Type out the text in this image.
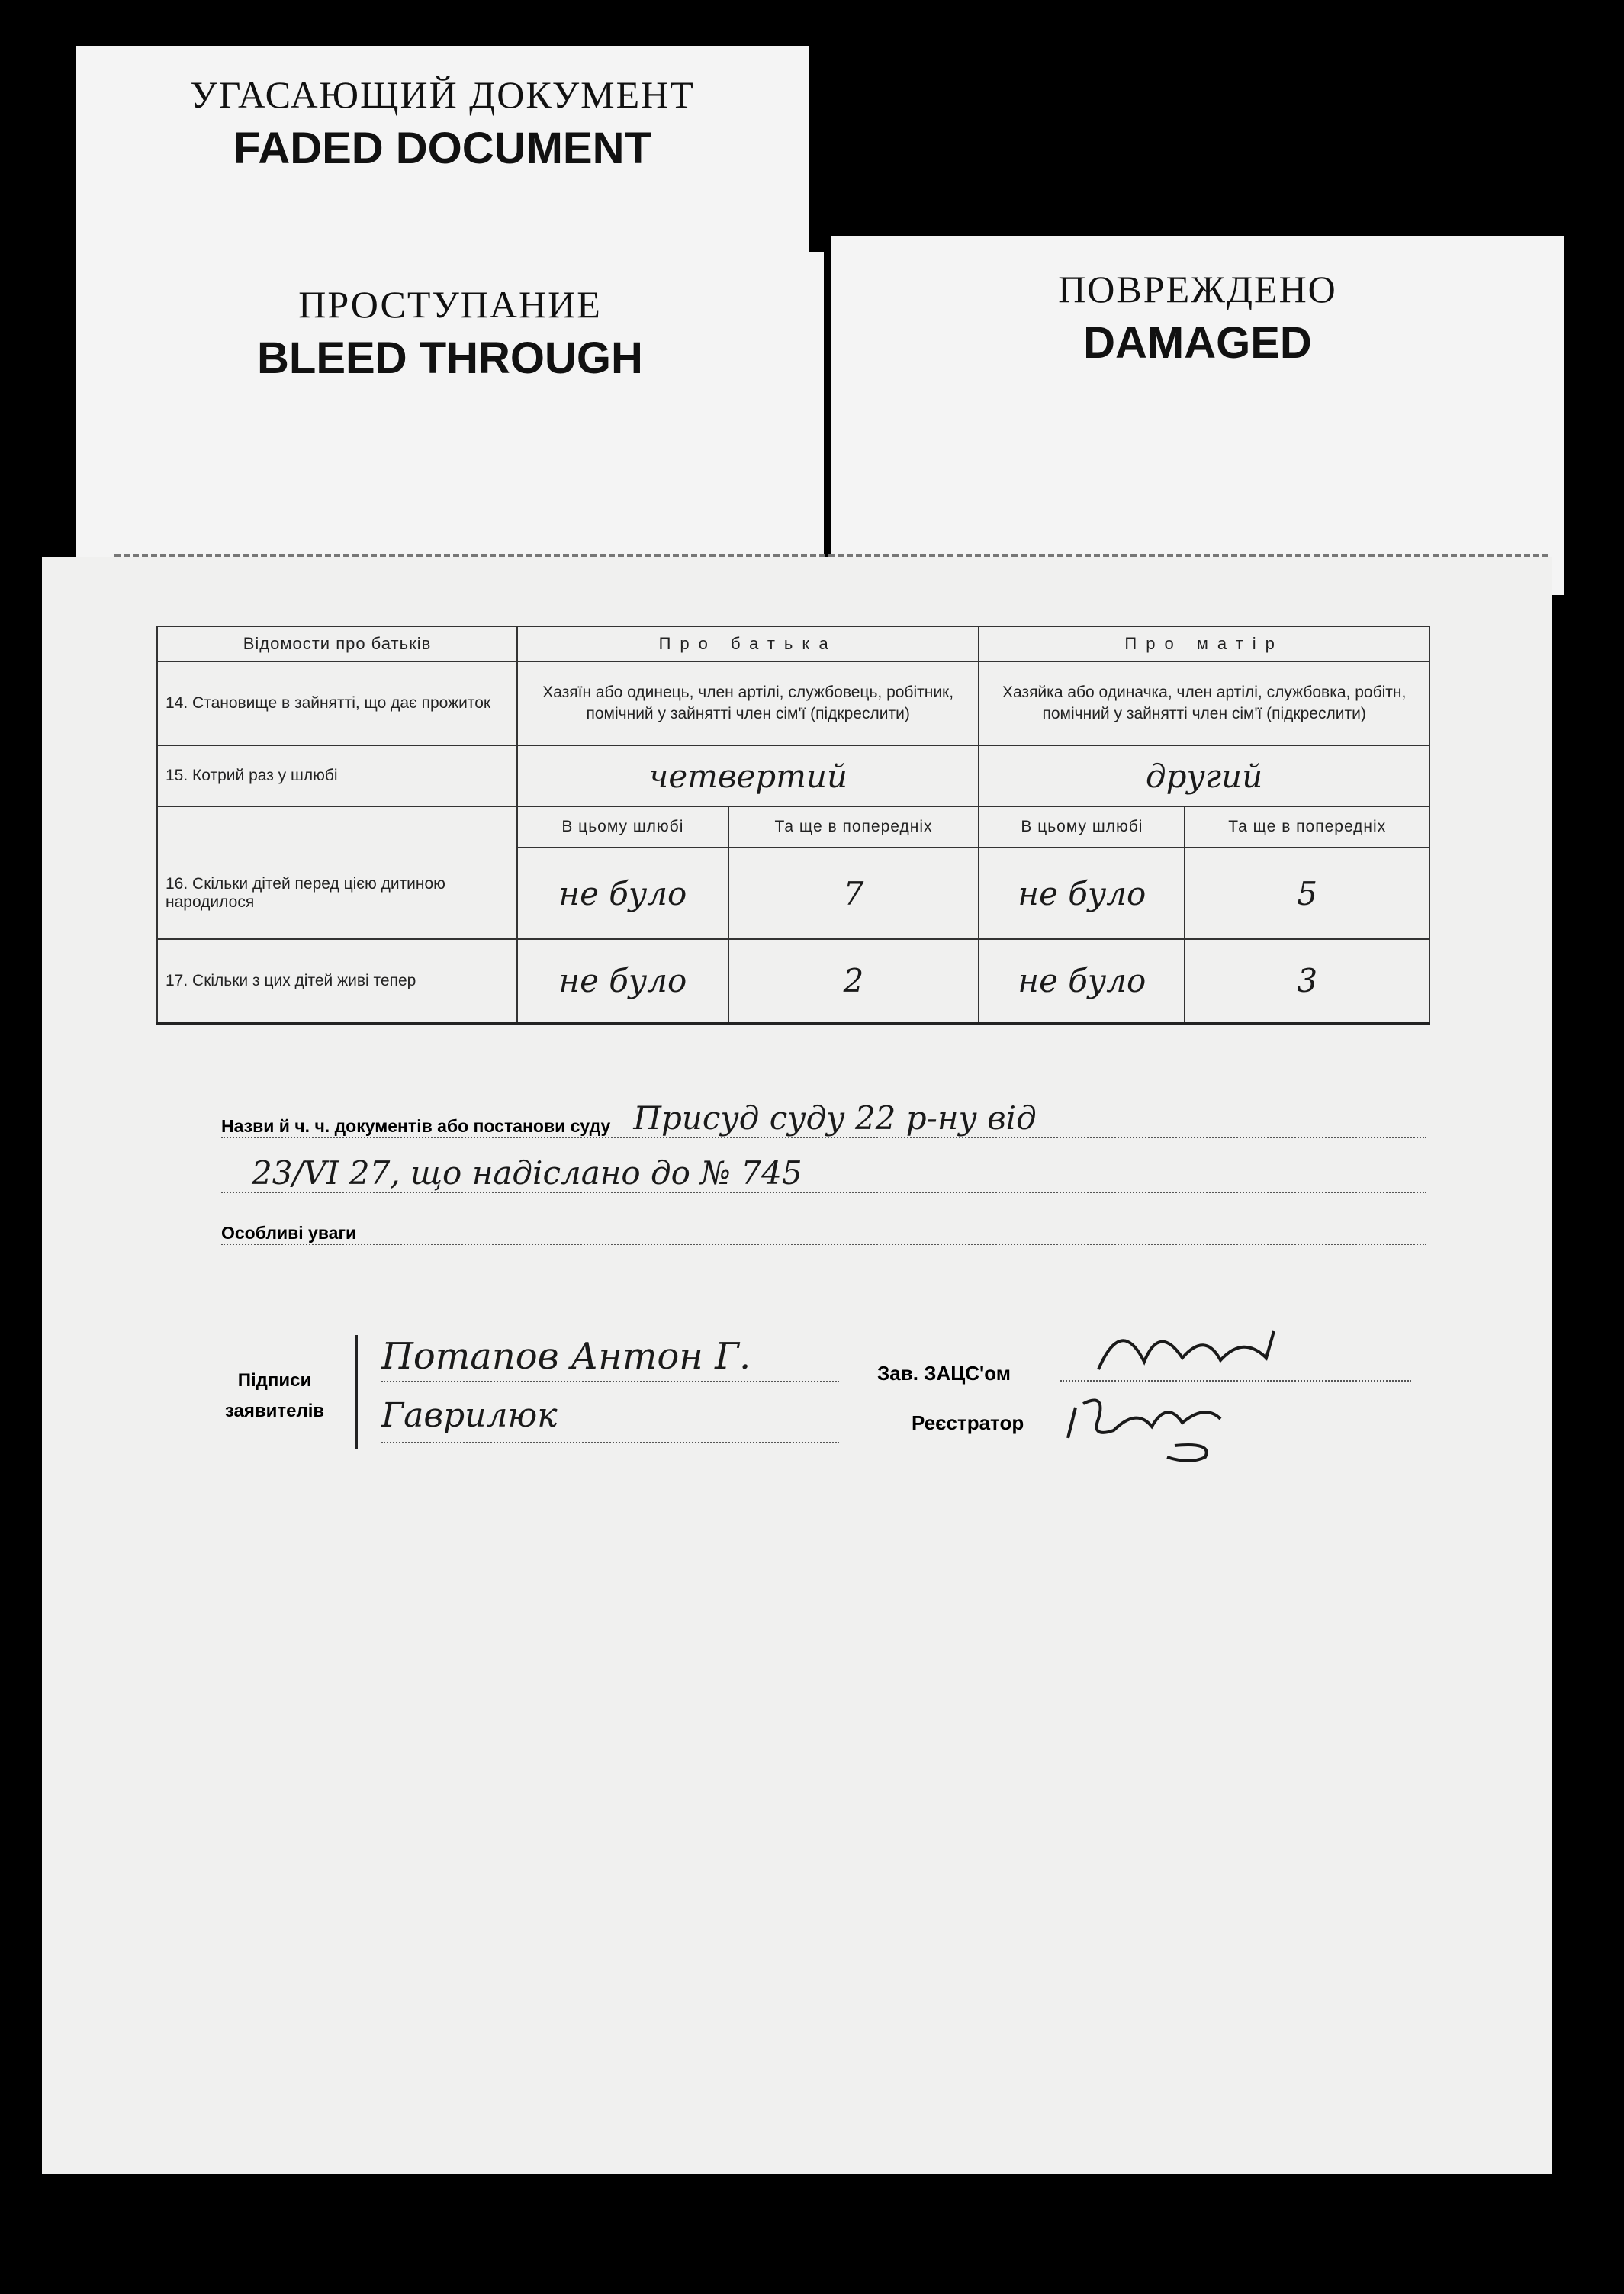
УГАСАЮЩИЙ ДОКУМЕНТ
FADED DOCUMENT
ПРОСТУПАНИЕ
BLEED THROUGH
ПОВРЕЖДЕНО
DAMAGED
Відомости про батьків	Про батька		Про матір	
14. Становище в зайнятті, що дає прожиток	Хазяїн або одинець, член артілі, службовець, робітник, помічний у зайнятті член сім'ї (підкреслити)		Хазяйка або одиначка, член артілі, службовка, робітн, помічний у зайнятті член сім'ї (підкреслити)	
15. Котрий раз у шлюбі	четвертий		другий	
	В цьому шлюбі	Та ще в попередніх	В цьому шлюбі	Та ще в попередніх
16. Скільки дітей перед цією дитиною народилося	не було	7	не було	5
17. Скільки з цих дітей живі тепер	не було	2	не було	3
Назви й ч. ч. документів або постанови суду Присуд суду 22 р-ну від
23/VI 27, що надіслано до № 745
Особливі уваги
Підписи заявителів
Потапов Антон Г.
Гаврилюк
Зав. ЗАЦС'ом
Реєстратор
